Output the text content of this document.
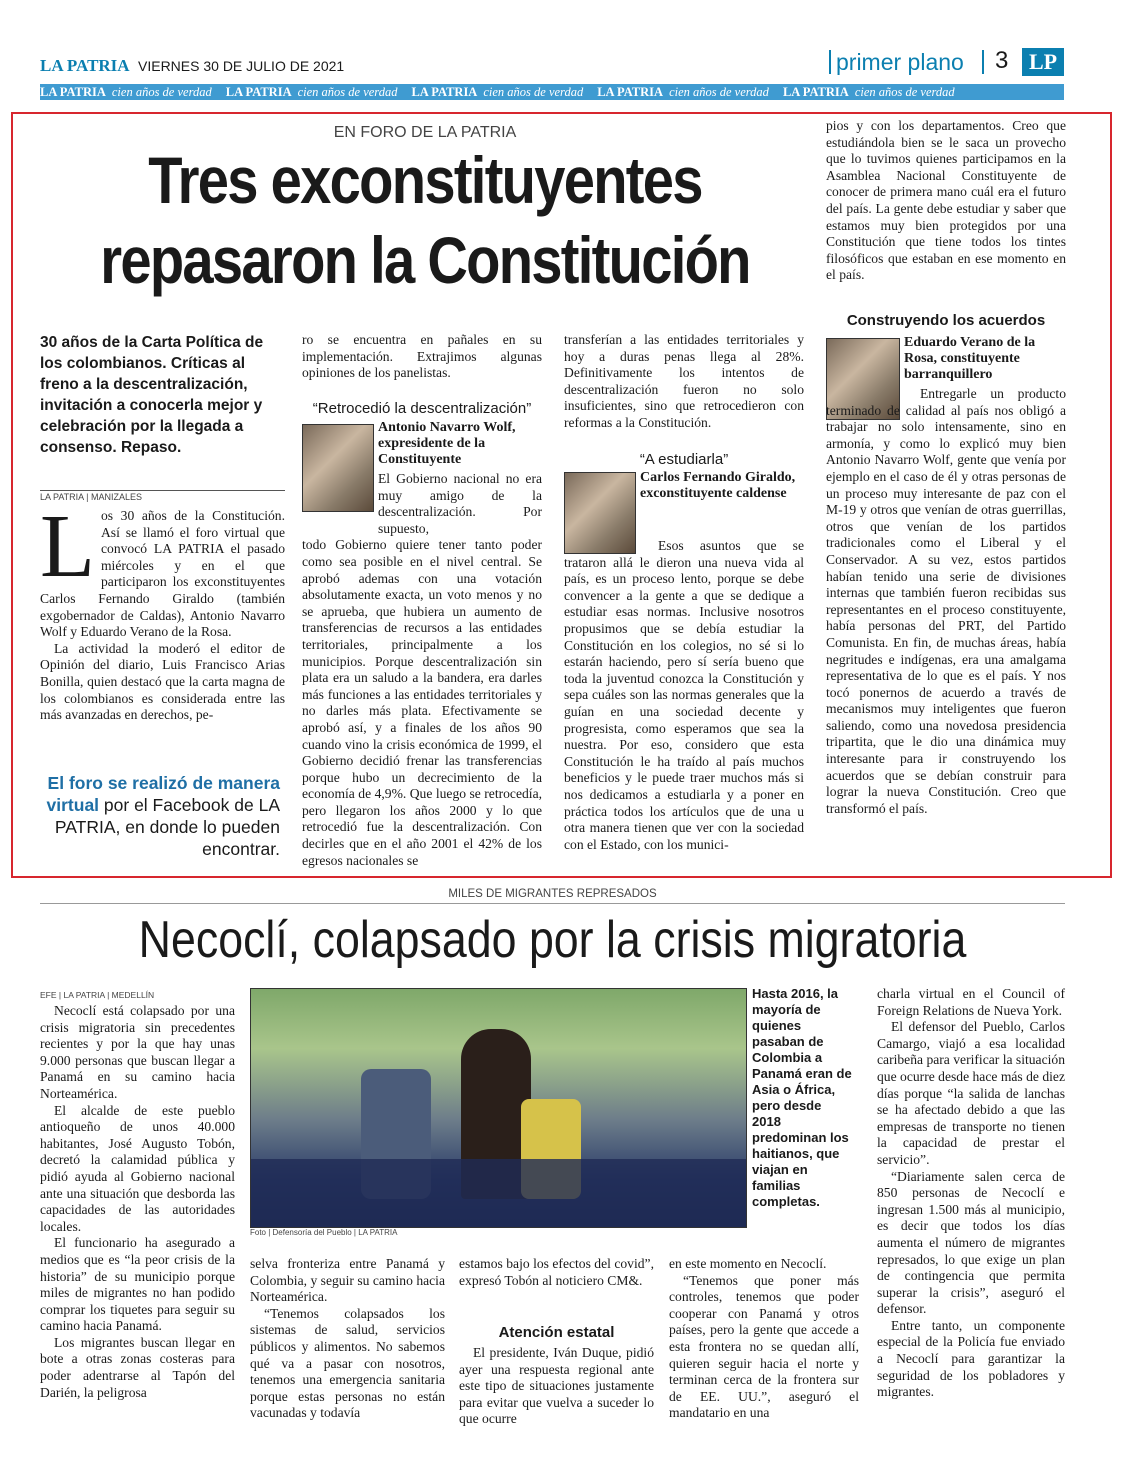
LA PATRIA VIERNES 30 DE JULIO DE 2021	primer plano 3 LP
LA PATRIA cien años de verdad LA PATRIA cien años de verdad LA PATRIA cien años de verdad LA PATRIA cien años de verdad LA PATRIA cien años de verdad
EN FORO DE LA PATRIA
Tres exconstituyentes
repasaron la Constitución
30 años de la Carta Política de los colombianos. Críticas al freno a la descentralización, invitación a conocerla mejor y celebración por la llegada a consenso. Repaso.
LA PATRIA | MANIZALES
L os 30 años de la Constitución. Así se llamó el foro virtual que convocó LA PATRIA el pasado miércoles y en el que participaron los exconstituyentes Carlos Fernando Giraldo (también exgobernador de Caldas), Antonio Navarro Wolf y Eduardo Verano de la Rosa.

La actividad la moderó el editor de Opinión del diario, Luis Francisco Arias Bonilla, quien destacó que la carta magna de los colombianos es considerada entre las más avanzadas en derechos, pe-

El foro se realizó de manera virtual por el Facebook de LA PATRIA, en donde lo pueden encontrar.

ro se encuentra en pañales en su implementación. Extrajimos algunas opiniones de los panelistas.

“Retrocedió la descentralización”
Antonio Navarro Wolf, expresidente de la Constituyente

El Gobierno nacional no era muy amigo de la descentralización. Por supuesto,

todo Gobierno quiere tener tanto poder como sea posible en el nivel central. Se aprobó ademas con una votación absolutamente exacta, un voto menos y no se aprueba, que hubiera un aumento de transferencias de recursos a las entidades territoriales, principalmente a los municipios. Porque descentralización sin plata era un saludo a la bandera, era darles más funciones a las entidades territoriales y no darles más plata. Efectivamente se aprobó así, y a finales de los años 90 cuando vino la crisis económica de 1999, el Gobierno decidió frenar las transferencias porque hubo un decrecimiento de la economía de 4,9%. Que luego se retrocedía, pero llegaron los años 2000 y lo que retrocedió fue la descentralización. Con decirles que en el año 2001 el 42% de los egresos nacionales se

transferían a las entidades territoriales y hoy a duras penas llega al 28%. Definitivamente los intentos de descentralización fueron no solo insuficientes, sino que retrocedieron con reformas a la Constitución.

“A estudiarla”
Carlos Fernando Giraldo, exconstituyente caldense

Esos asuntos que se trataron allá le dieron una nueva vida al país, es un proceso lento, porque se debe convencer a la gente a que se dedique a estudiar esas normas. Inclusive nosotros propusimos que se debía estudiar la Constitución en los colegios, no sé si lo estarán haciendo, pero sí sería bueno que toda la juventud conozca la Constitución y sepa cuáles son las normas generales que la guían en una sociedad decente y progresista, como esperamos que sea la nuestra. Por eso, considero que esta Constitución le ha traído al país muchos beneficios y le puede traer muchos más si nos dedicamos a estudiarla y a poner en práctica todos los artículos que de una u otra manera tienen que ver con la sociedad con el Estado, con los munici-

pios y con los departamentos. Creo que estudiándola bien se le saca un provecho que lo tuvimos quienes participamos en la Asamblea Nacional Constituyente de conocer de primera mano cuál era el futuro del país. La gente debe estudiar y saber que estamos muy bien protegidos por una Constitución que tiene todos los tintes filosóficos que estaban en ese momento en el país.

Construyendo los acuerdos
Eduardo Verano de la Rosa, constituyente barranquillero

Entregarle un producto terminado de calidad al país nos obligó a trabajar no solo intensamente, sino en armonía, y como lo explicó muy bien Antonio Navarro Wolf, gente que venía por ejemplo en el caso de él y otras personas de un proceso muy interesante de paz con el M-19 y otros que venían de otras guerrillas, otros que venían de los partidos tradicionales como el Liberal y el Conservador. A su vez, estos partidos habían tenido una serie de divisiones internas que también fueron recibidas sus representantes en el proceso constituyente, había personas del PRT, del Partido Comunista. En fin, de muchas áreas, había negritudes e indígenas, era una amalgama representativa de lo que es el país. Y nos tocó ponernos de acuerdo a través de mecanismos muy inteligentes que fueron saliendo, como una novedosa presidencia tripartita, que le dio una dinámica muy interesante para ir construyendo los acuerdos que se debían construir para lograr la nueva Constitución. Creo que transformó el país.

MILES DE MIGRANTES REPRESADOS
Necoclí, colapsado por la crisis migratoria
EFE | LA PATRIA | MEDELLÍN

Necoclí está colapsado por una crisis migratoria sin precedentes recientes y por la que hay unas 9.000 personas que buscan llegar a Panamá en su camino hacia Norteamérica.

El alcalde de este pueblo antioqueño de unos 40.000 habitantes, José Augusto Tobón, decretó la calamidad pública y pidió ayuda al Gobierno nacional ante una situación que desborda las capacidades de las autoridades locales.

El funcionario ha asegurado a medios que es “la peor crisis de la historia” de su municipio porque miles de migrantes no han podido comprar los tiquetes para seguir su camino hacia Panamá.

Los migrantes buscan llegar en bote a otras zonas costeras para poder adentrarse al Tapón del Darién, la peligrosa

Foto | Defensoría del Pueblo | LA PATRIA
Hasta 2016, la mayoría de quienes pasaban de Colombia a Panamá eran de Asia o África, pero desde 2018 predominan los haitianos, que viajan en familias completas.

selva fronteriza entre Panamá y Colombia, y seguir su camino hacia Norteamérica.

“Tenemos colapsados los sistemas de salud, servicios públicos y alimentos. No sabemos qué va a pasar con nosotros, tenemos una emergencia sanitaria porque estas personas no están vacunadas y todavía

estamos bajo los efectos del covid”, expresó Tobón al noticiero CM&.

Atención estatal

El presidente, Iván Duque, pidió ayer una respuesta regional ante este tipo de situaciones justamente para evitar que vuelva a suceder lo que ocurre

en este momento en Necoclí.

“Tenemos que poner más controles, tenemos que poder cooperar con Panamá y otros países, pero la gente que accede a esta frontera no se quedan allí, quieren seguir hacia el norte y terminan cerca de la frontera sur de EE. UU.”, aseguró el mandatario en una

charla virtual en el Council of Foreign Relations de Nueva York.

El defensor del Pueblo, Carlos Camargo, viajó a esa localidad caribeña para verificar la situación que ocurre desde hace más de diez días porque “la salida de lanchas se ha afectado debido a que las empresas de transporte no tienen la capacidad de prestar el servicio”.

“Diariamente salen cerca de 850 personas de Necoclí e ingresan 1.500 más al municipio, es decir que todos los días aumenta el número de migrantes represados, lo que exige un plan de contingencia que permita superar la crisis”, aseguró el defensor.

Entre tanto, un componente especial de la Policía fue enviado a Necoclí para garantizar la seguridad de los pobladores y migrantes.
